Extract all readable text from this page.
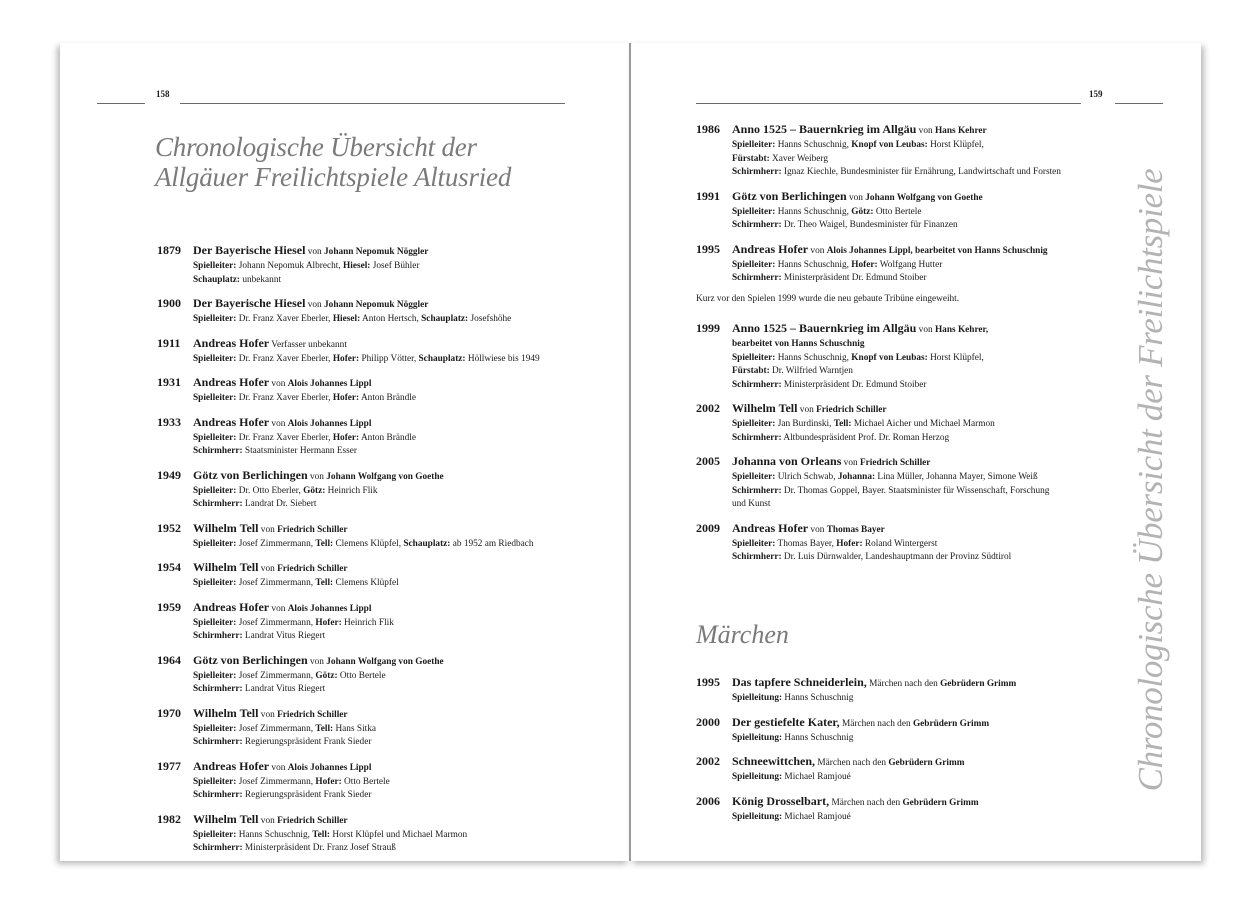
158	159
Chronologische Übersicht der
Allgäuer Freilichtspiele Altusried
1879 Der Bayerische Hiesel von Johann Nepomuk Nöggler
Spielleiter: Johann Nepomuk Albrecht, Hiesel: Josef Bühler
Schauplatz: unbekannt
1900 Der Bayerische Hiesel von Johann Nepomuk Nöggler
Spielleiter: Dr. Franz Xaver Eberler, Hiesel: Anton Hertsch, Schauplatz: Josefshöhe
1911 Andreas Hofer Verfasser unbekannt
Spielleiter: Dr. Franz Xaver Eberler, Hofer: Philipp Vötter, Schauplatz: Höllwiese bis 1949
1931 Andreas Hofer von Alois Johannes Lippl
Spielleiter: Dr. Franz Xaver Eberler, Hofer: Anton Brändle
1933 Andreas Hofer von Alois Johannes Lippl
Spielleiter: Dr. Franz Xaver Eberler, Hofer: Anton Brändle
Schirmherr: Staatsminister Hermann Esser
1949 Götz von Berlichingen von Johann Wolfgang von Goethe
Spielleiter: Dr. Otto Eberler, Götz: Heinrich Flik
Schirmherr: Landrat Dr. Siebert
1952 Wilhelm Tell von Friedrich Schiller
Spielleiter: Josef Zimmermann, Tell: Clemens Klüpfel, Schauplatz: ab 1952 am Riedbach
1954 Wilhelm Tell von Friedrich Schiller
Spielleiter: Josef Zimmermann, Tell: Clemens Klüpfel
1959 Andreas Hofer von Alois Johannes Lippl
Spielleiter: Josef Zimmermann, Hofer: Heinrich Flik
Schirmherr: Landrat Vitus Riegert
1964 Götz von Berlichingen von Johann Wolfgang von Goethe
Spielleiter: Josef Zimmermann, Götz: Otto Bertele
Schirmherr: Landrat Vitus Riegert
1970 Wilhelm Tell von Friedrich Schiller
Spielleiter: Josef Zimmermann, Tell: Hans Sitka
Schirmherr: Regierungspräsident Frank Sieder
1977 Andreas Hofer von Alois Johannes Lippl
Spielleiter: Josef Zimmermann, Hofer: Otto Bertele
Schirmherr: Regierungspräsident Frank Sieder
1982 Wilhelm Tell von Friedrich Schiller
Spielleiter: Hanns Schuschnig, Tell: Horst Klüpfel und Michael Marmon
Schirmherr: Ministerpräsident Dr. Franz Josef Strauß
1986 Anno 1525 – Bauernkrieg im Allgäu von Hans Kehrer
Spielleiter: Hanns Schuschnig, Knopf von Leubas: Horst Klüpfel,
Fürstabt: Xaver Weiberg
Schirmherr: Ignaz Kiechle, Bundesminister für Ernährung, Landwirtschaft und Forsten
1991 Götz von Berlichingen von Johann Wolfgang von Goethe
Spielleiter: Hanns Schuschnig, Götz: Otto Bertele
Schirmherr: Dr. Theo Waigel, Bundesminister für Finanzen
1995 Andreas Hofer von Alois Johannes Lippl, bearbeitet von Hanns Schuschnig
Spielleiter: Hanns Schuschnig, Hofer: Wolfgang Hutter
Schirmherr: Ministerpräsident Dr. Edmund Stoiber
Kurz vor den Spielen 1999 wurde die neu gebaute Tribüne eingeweiht.
1999 Anno 1525 – Bauernkrieg im Allgäu von Hans Kehrer,
bearbeitet von Hanns Schuschnig
Spielleiter: Hanns Schuschnig, Knopf von Leubas: Horst Klüpfel,
Fürstabt: Dr. Wilfried Warntjen
Schirmherr: Ministerpräsident Dr. Edmund Stoiber
2002 Wilhelm Tell von Friedrich Schiller
Spielleiter: Jan Burdinski, Tell: Michael Aicher und Michael Marmon
Schirmherr: Altbundespräsident Prof. Dr. Roman Herzog
2005 Johanna von Orleans von Friedrich Schiller
Spielleiter: Ulrich Schwab, Johanna: Lina Müller, Johanna Mayer, Simone Weiß
Schirmherr: Dr. Thomas Goppel, Bayer. Staatsminister für Wissenschaft, Forschung
und Kunst
2009 Andreas Hofer von Thomas Bayer
Spielleiter: Thomas Bayer, Hofer: Roland Wintergerst
Schirmherr: Dr. Luis Dürnwalder, Landeshauptmann der Provinz Südtirol
Märchen
1995 Das tapfere Schneiderlein, Märchen nach den Gebrüdern Grimm
Spielleitung: Hanns Schuschnig
2000 Der gestiefelte Kater, Märchen nach den Gebrüdern Grimm
Spielleitung: Hanns Schuschnig
2002 Schneewittchen, Märchen nach den Gebrüdern Grimm
Spielleitung: Michael Ramjoué
2006 König Drosselbart, Märchen nach den Gebrüdern Grimm
Spielleitung: Michael Ramjoué
Chronologische Übersicht der Freilichtspiele
